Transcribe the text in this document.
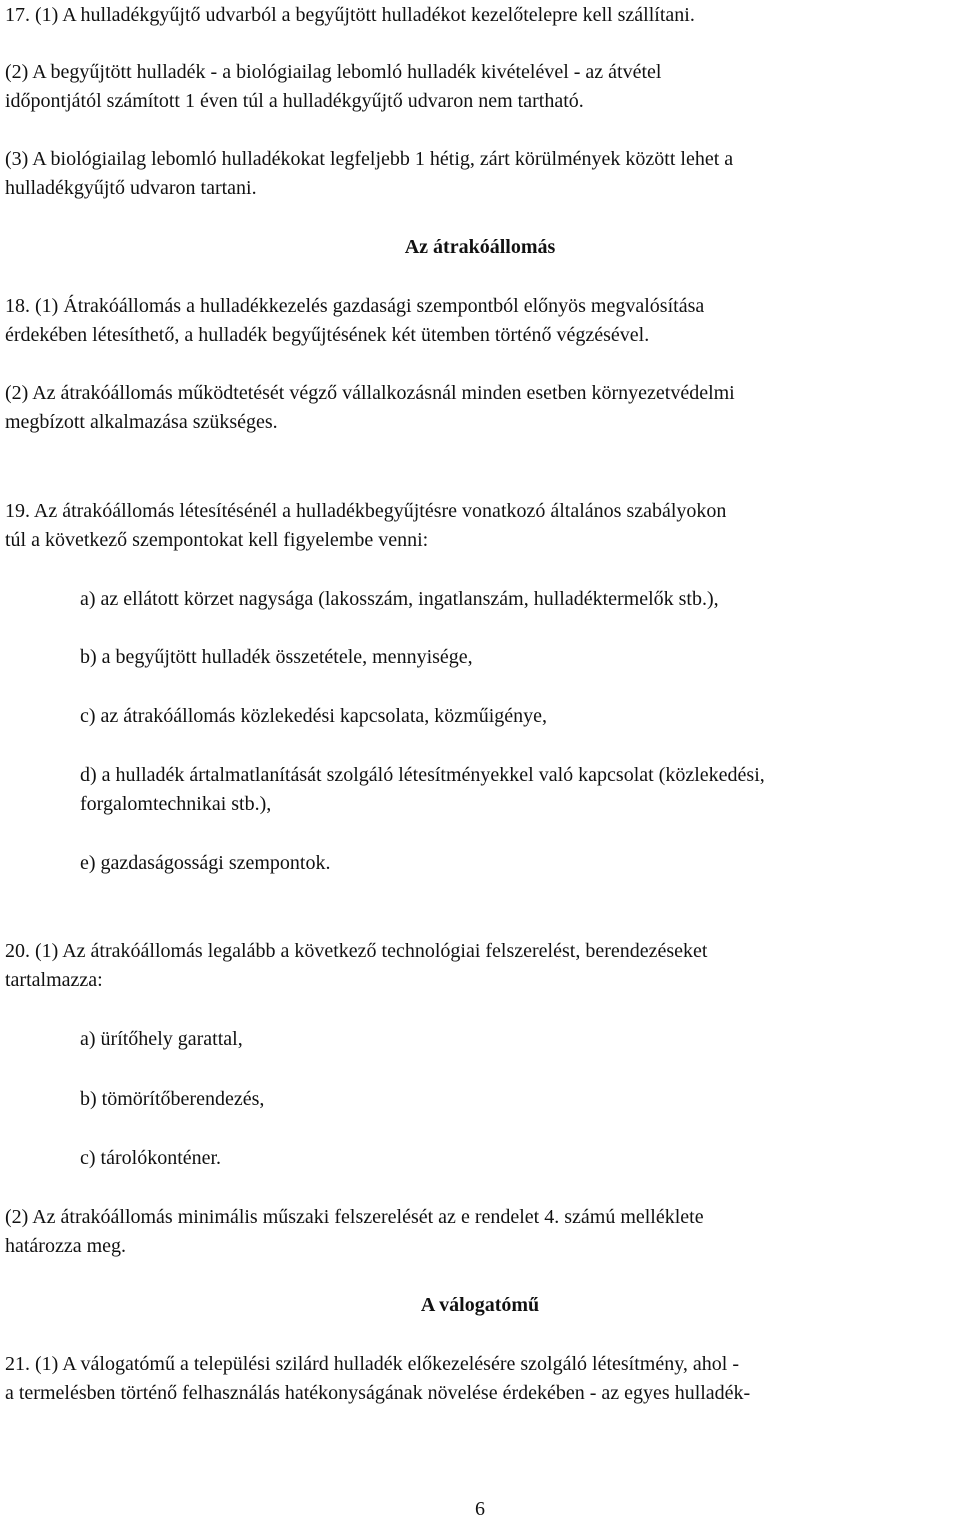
17. (1) A hulladékgyűjtő udvarból a begyűjtött hulladékot kezelőtelepre kell szállítani.
(2) A begyűjtött hulladék - a biológiailag lebomló hulladék kivételével - az átvétel
időpontjától számított 1 éven túl a hulladékgyűjtő udvaron nem tartható.
(3) A biológiailag lebomló hulladékokat legfeljebb 1 hétig, zárt körülmények között lehet a
hulladékgyűjtő udvaron tartani.
Az átrakóállomás
18. (1) Átrakóállomás a hulladékkezelés gazdasági szempontból előnyös megvalósítása
érdekében létesíthető, a hulladék begyűjtésének két ütemben történő végzésével.
(2) Az átrakóállomás működtetését végző vállalkozásnál minden esetben környezetvédelmi
megbízott alkalmazása szükséges.
19. Az átrakóállomás létesítésénél a hulladékbegyűjtésre vonatkozó általános szabályokon
túl a következő szempontokat kell figyelembe venni:
a) az ellátott körzet nagysága (lakosszám, ingatlanszám, hulladéktermelők stb.),
b) a begyűjtött hulladék összetétele, mennyisége,
c) az átrakóállomás közlekedési kapcsolata, közműigénye,
d) a hulladék ártalmatlanítását szolgáló létesítményekkel való kapcsolat (közlekedési,
forgalomtechnikai stb.),
e) gazdaságossági szempontok.
20. (1) Az átrakóállomás legalább a következő technológiai felszerelést, berendezéseket
tartalmazza:
a) ürítőhely garattal,
b) tömörítőberendezés,
c) tárolókonténer.
(2) Az átrakóállomás minimális műszaki felszerelését az e rendelet 4. számú melléklete
határozza meg.
A válogatómű
21. (1) A válogatómű a települési szilárd hulladék előkezelésére szolgáló létesítmény, ahol -
a termelésben történő felhasználás hatékonyságának növelése érdekében - az egyes hulladék-
6
